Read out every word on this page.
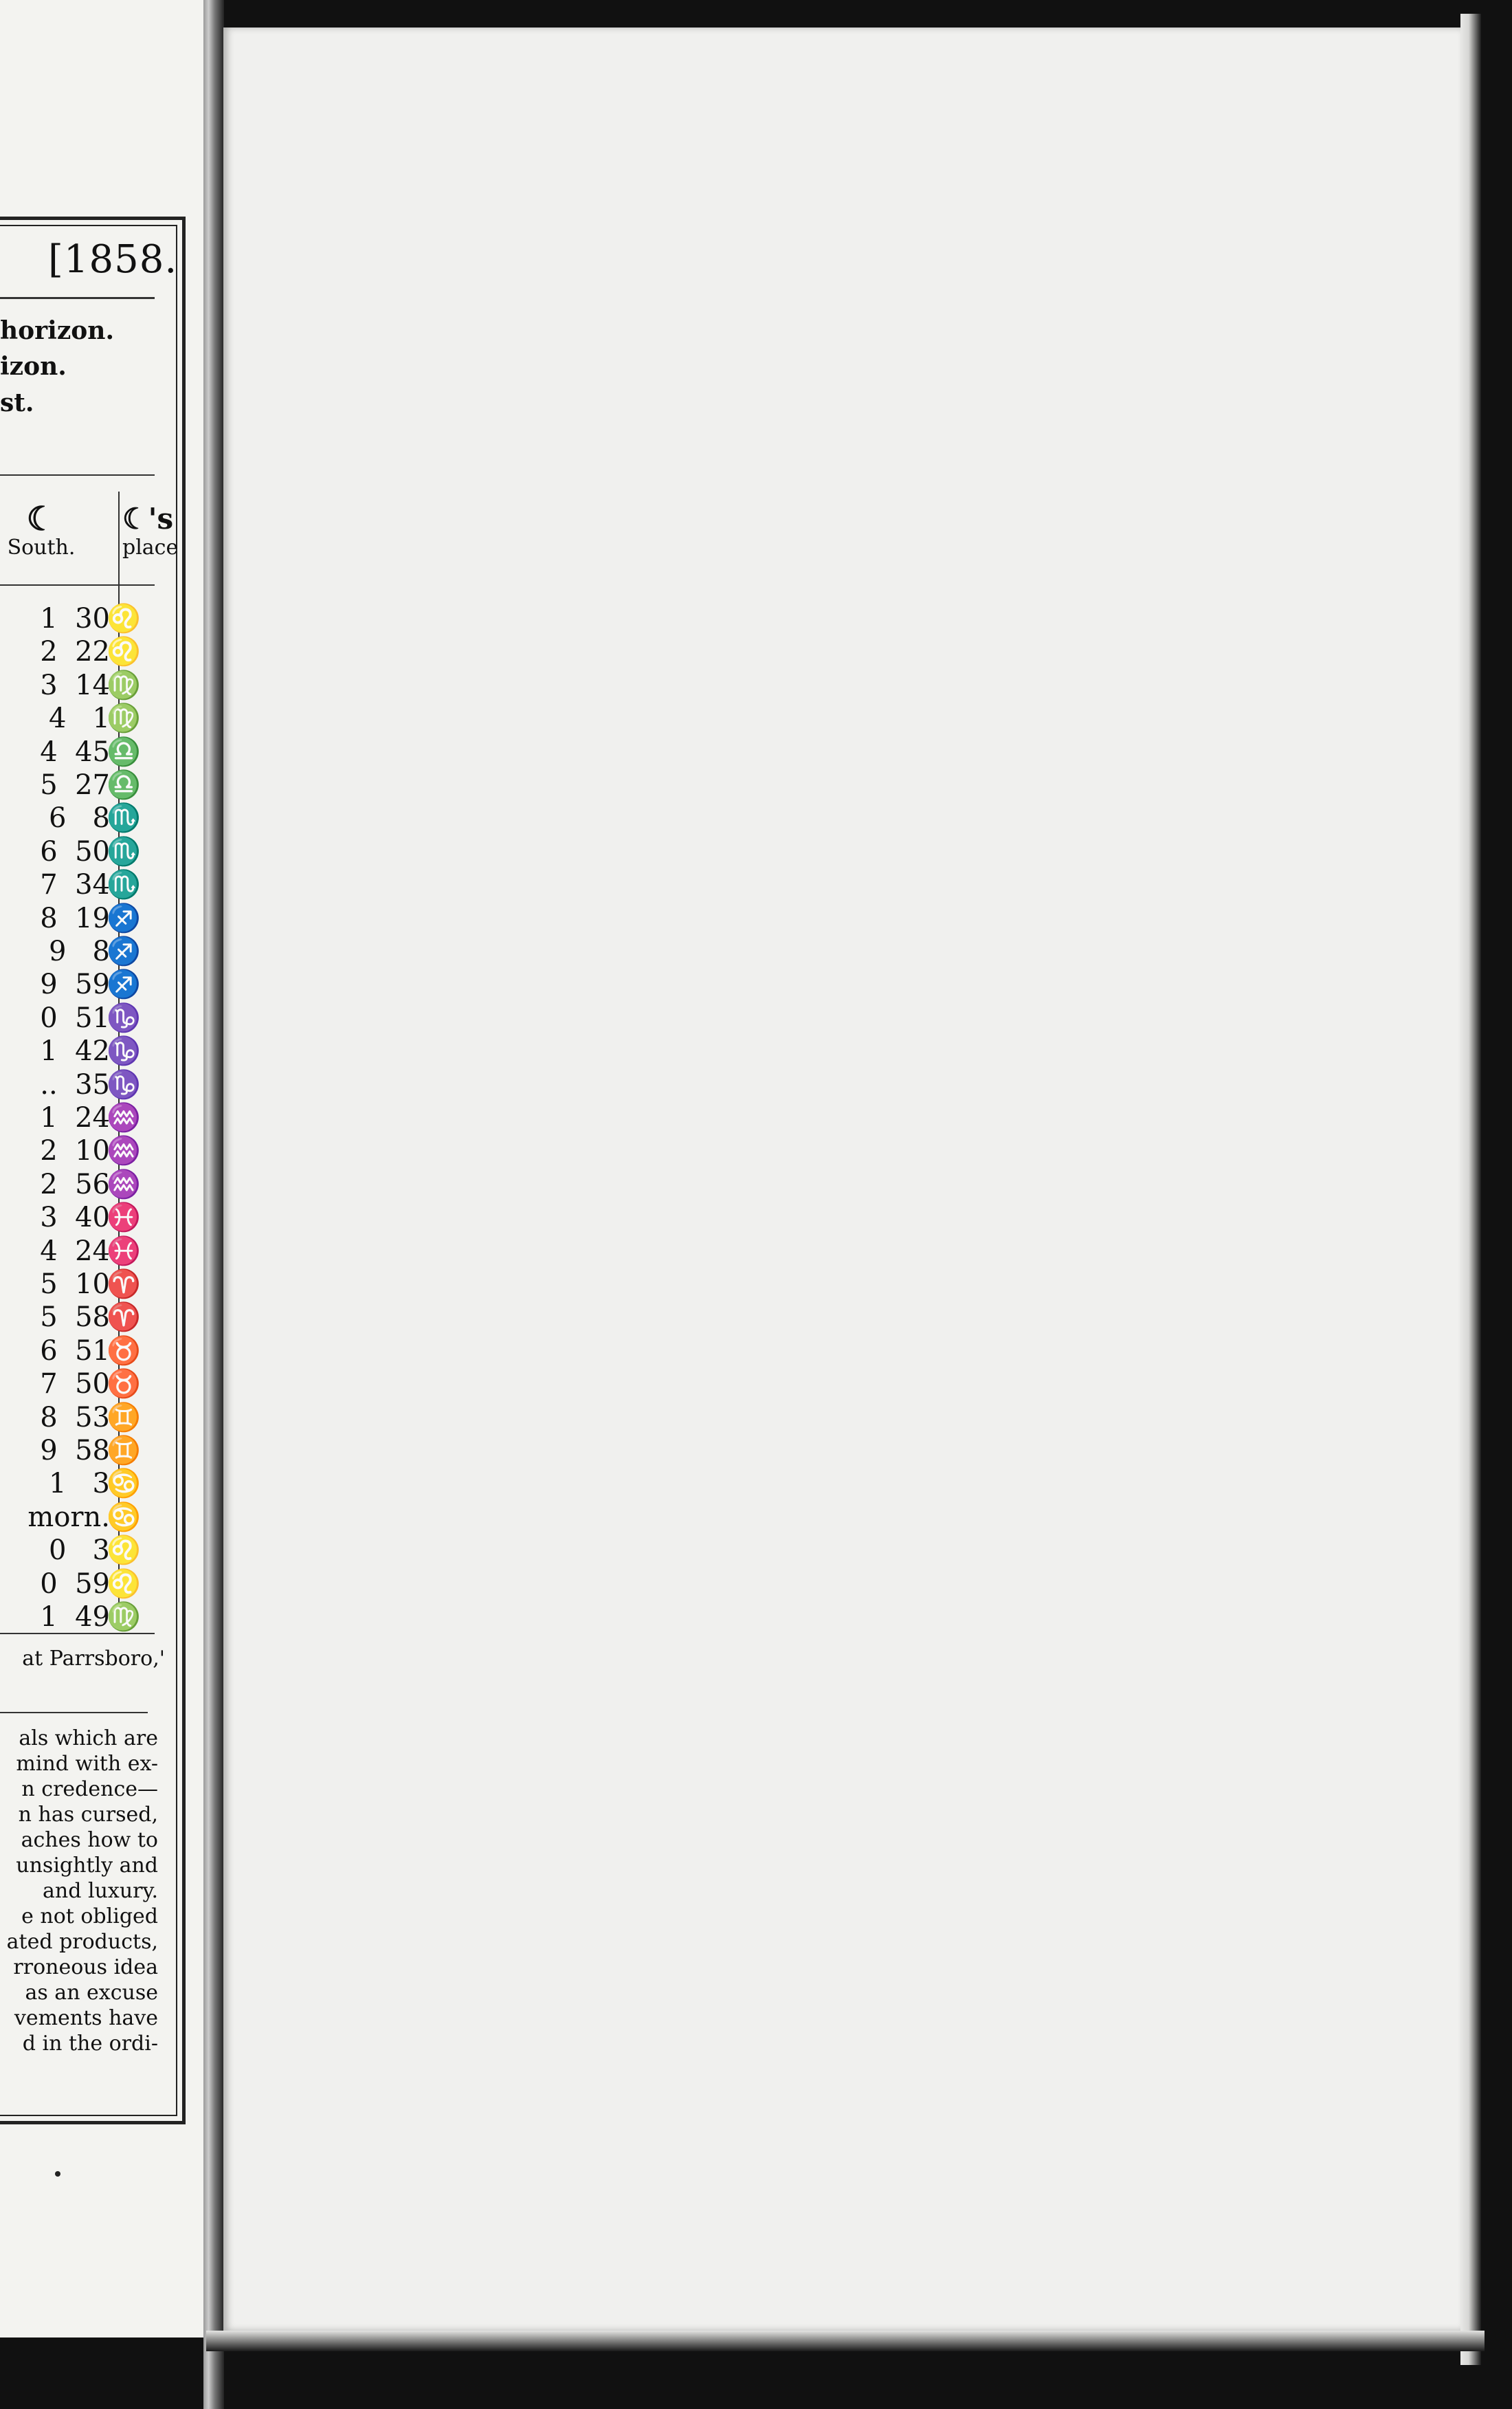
[1858.
horizon.
izon.
st.
☾
South.
☾'s
place
1  30
♌
2  22
♌
3  14
♍
4   1
♍
4  45
♎
5  27
♎
6   8
♏
6  50
♏
7  34
♏
8  19
♐
9   8
♐
9  59
♐
0  51
♑
1  42
♑
..  35
♑
1  24
♒
2  10
♒
2  56
♒
3  40
♓
4  24
♓
5  10
♈
5  58
♈
6  51
♉
7  50
♉
8  53
♊
9  58
♊
1   3
♋
morn.
♋
0   3
♌
0  59
♌
1  49
♍
at Parrsboro,'
als which are
mind with ex-
n credence—
n has cursed,
aches how to
unsightly and
and luxury.
e not obliged
ated products,
rroneous idea
as an excuse
vements have
d in the ordi-
